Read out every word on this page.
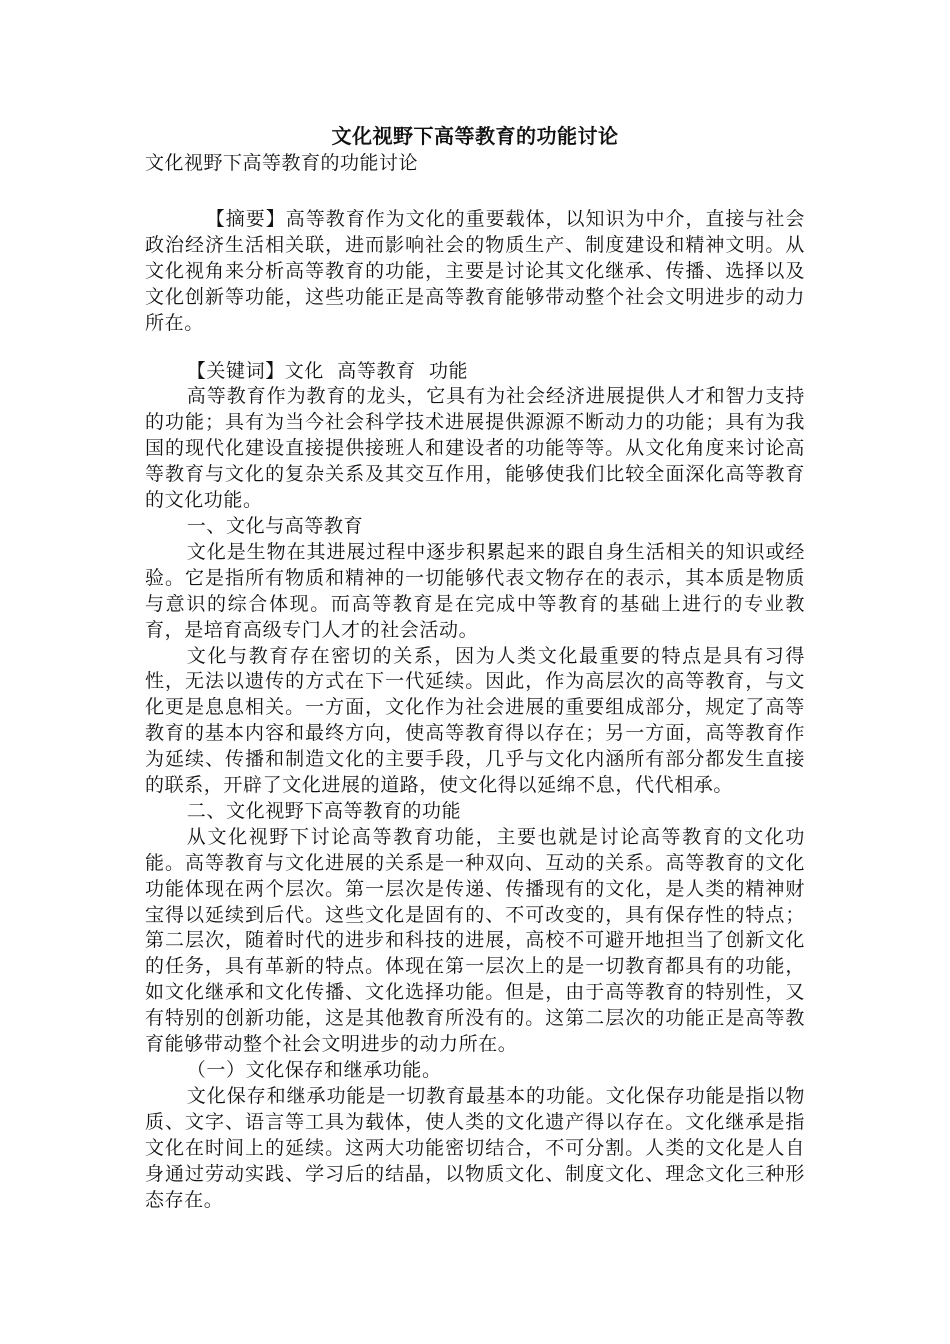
文化视野下高等教育的功能讨论

文化视野下高等教育的功能讨论

【摘要】高等教育作为文化的重要载体，以知识为中介，直接与社会政治经济生活相关联，进而影响社会的物质生产、制度建设和精神文明。从文化视角来分析高等教育的功能，主要是讨论其文化继承、传播、选择以及文化创新等功能，这些功能正是高等教育能够带动整个社会文明进步的动力所在。

【关键词】文化  高等教育  功能

高等教育作为教育的龙头，它具有为社会经济进展提供人才和智力支持的功能；具有为当今社会科学技术进展提供源源不断动力的功能；具有为我国的现代化建设直接提供接班人和建设者的功能等等。从文化角度来讨论高等教育与文化的复杂关系及其交互作用，能够使我们比较全面深化高等教育的文化功能。

一、文化与高等教育

文化是生物在其进展过程中逐步积累起来的跟自身生活相关的知识或经验。它是指所有物质和精神的一切能够代表文物存在的表示，其本质是物质与意识的综合体现。而高等教育是在完成中等教育的基础上进行的专业教育，是培育高级专门人才的社会活动。

文化与教育存在密切的关系，因为人类文化最重要的特点是具有习得性，无法以遗传的方式在下一代延续。因此，作为高层次的高等教育，与文化更是息息相关。一方面，文化作为社会进展的重要组成部分，规定了高等教育的基本内容和最终方向，使高等教育得以存在；另一方面，高等教育作为延续、传播和制造文化的主要手段，几乎与文化内涵所有部分都发生直接的联系，开辟了文化进展的道路，使文化得以延绵不息，代代相承。

二、文化视野下高等教育的功能

从文化视野下讨论高等教育功能，主要也就是讨论高等教育的文化功能。高等教育与文化进展的关系是一种双向、互动的关系。高等教育的文化功能体现在两个层次。第一层次是传递、传播现有的文化，是人类的精神财宝得以延续到后代。这些文化是固有的、不可改变的，具有保存性的特点；第二层次，随着时代的进步和科技的进展，高校不可避开地担当了创新文化的任务，具有革新的特点。体现在第一层次上的是一切教育都具有的功能，如文化继承和文化传播、文化选择功能。但是，由于高等教育的特别性，又有特别的创新功能，这是其他教育所没有的。这第二层次的功能正是高等教育能够带动整个社会文明进步的动力所在。

（一）文化保存和继承功能。

文化保存和继承功能是一切教育最基本的功能。文化保存功能是指以物质、文字、语言等工具为载体，使人类的文化遗产得以存在。文化继承是指文化在时间上的延续。这两大功能密切结合，不可分割。人类的文化是人自身通过劳动实践、学习后的结晶，以物质文化、制度文化、理念文化三种形态存在。
